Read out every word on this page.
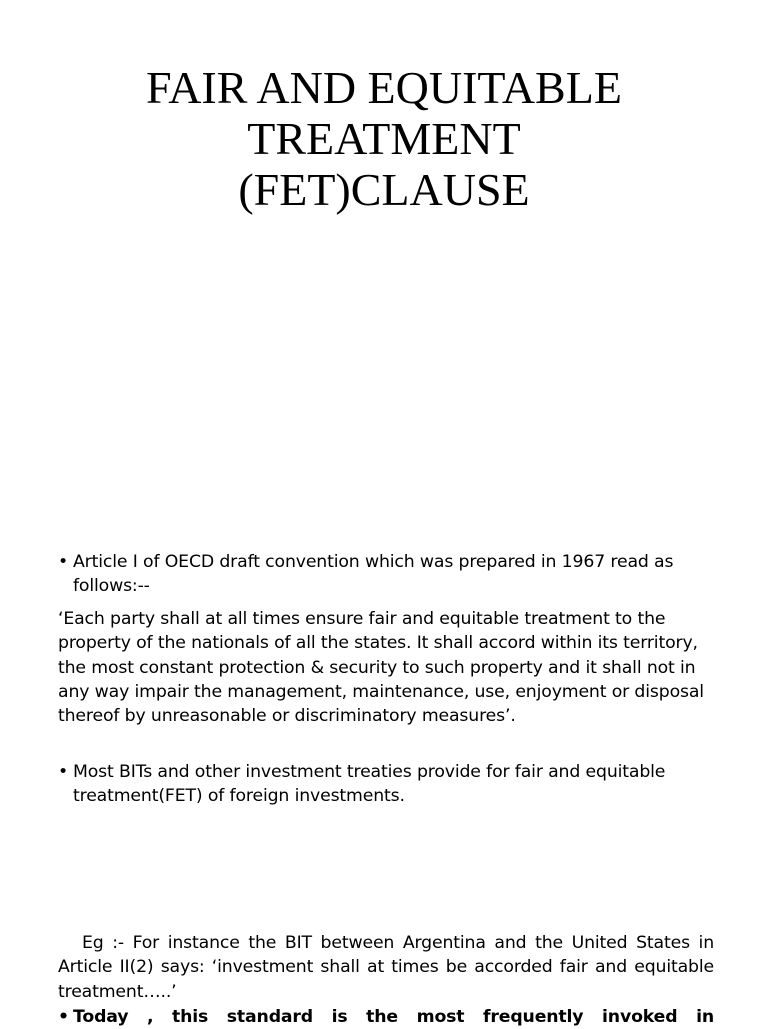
FAIR AND EQUITABLE
TREATMENT
(FET)CLAUSE

• Article I of OECD draft convention which was prepared in 1967 read as follows:--

‘Each party shall at all times ensure fair and equitable treatment to the property of the nationals of all the states. It shall accord within its territory, the most constant protection & security to such property and it shall not in any way impair the management, maintenance, use, enjoyment or disposal thereof by unreasonable or discriminatory measures’.

• Most BITs and other investment treaties provide for fair and equitable treatment(FET) of foreign investments.

Eg :- For instance the BIT between Argentina and the United States in Article II(2) says: ‘investment shall at times be accorded fair and equitable treatment…..’

• Today , this standard is the most frequently invoked in
